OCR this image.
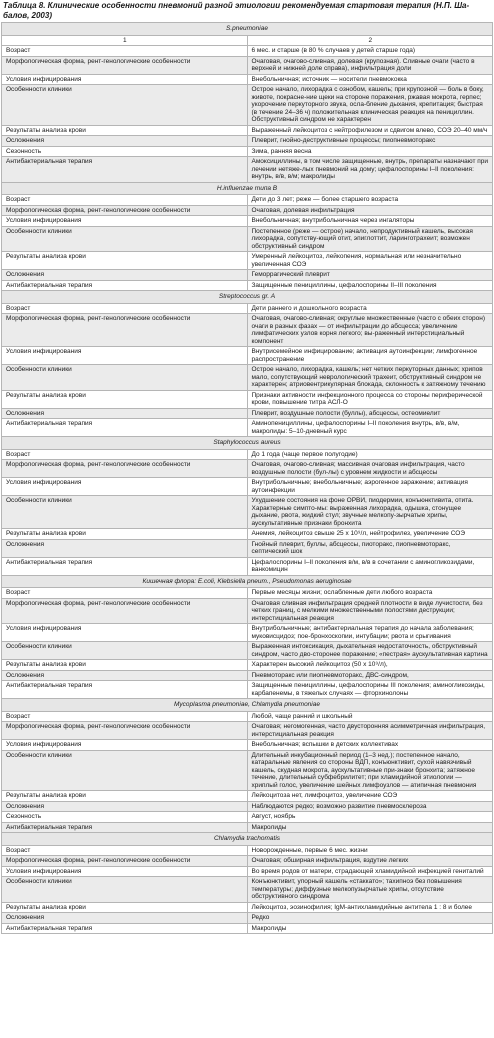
Таблица 8. Клинические особенности пневмоний разной этиологии рекомендуемая стартовая терапия (Н.П. Ша-балов, 2003)
S.pneumoniae	
1	2
Возраст	6 мес. и старше (в 80 % случаев у детей старше года)
Морфологическая форма, рент-генологические особенности	Очаговая, очагово-сливная, долевая (крупозная). Сливные очаги (часто в верхней и нижней доле справа), инфильтрация доли
Условия инфицирования	Внебольничная; источник — носители пневмококка
Особенности клиники	Острое начало, лихорадка с ознобом, кашель; при крупозной — боль в боку, животе, покрасне-ние щеки на стороне поражения, ржавая мокрота, герпес; укорочение перкуторного звука, осла-бление дыхания, крепитация; быстрая (в течение 24–36 ч) положительная клиническая реакция на пенициллин. Обструктивный синдром не характерен
Результаты анализа крови	Выраженный лейкоцитоз с нейтрофилезом и сдвигом влево, СОЭ 20–40 мм/ч
Осложнения	Плеврит, гнойно-деструктивные процессы; пиопневмоторакс
Сезонность	Зима, ранняя весна
Антибактериальная терапия	Амоксициллины, в том числе защищенные, внутрь, препараты назначают при лечении нетяже-лых пневмоний на дому; цефалоспорины I–II поколения: внутрь, в/в, в/м; макролиды
H.influenzae типа B	
Возраст	Дети до 3 лет; реже — более старшего возраста
Морфологическая форма, рент-генологические особенности	Очаговая, долевая инфильтрация
Условия инфицирования	Внебольничная; внутрибольничная через ингаляторы
Особенности клиники	Постепенное (реже — острое) начало, непродуктивный кашель, высокая лихорадка, сопутству-ющий отит, эпиглоттит, ларинготрахеит; возможен обструктивный синдром
Результаты анализа крови	Умеренный лейкоцитоз, лейкопения, нормальная или незначительно увеличенная СОЭ
Осложнения	Геморрагический плеврит
Антибактериальная терапия	Защищенные пенициллины, цефалоспорины II–III поколения
Streptococcus gr. A	
Возраст	Дети раннего и дошкольного возраста
Морфологическая форма, рент-генологические особенности	Очаговая, очагово-сливная; округлые множественные (часто с обеих сторон) очаги в разных фазах — от инфильтрации до абсцесса; увеличение лимфатических узлов корня легкого; вы-раженный интерстициальный компонент
Условия инфицирования	Внутрисемейное инфицирование; активация аутоинфекции; лимфогенное распространение
Особенности клиники	Острое начало, лихорадка, кашель; нет четких перкуторных данных; хрипов мало, сопутствующий неврологический трахеит, обструктивный синдром не характерен; атриовентрикулярная блокада, склонность к затяжному течению
Результаты анализа крови	Признаки активности инфекционного процесса со стороны периферической крови, повышение титра АСЛ-О
Осложнения	Плеврит, воздушные полости (буллы), абсцессы, остеомиелит
Антибактериальная терапия	Аминопенициллины, цефалоспорины I–II поколения внутрь, в/в, в/м, макролиды: 5–10-дневный курс
Staphylococcus aureus	
Возраст	До 1 года (чаще первое полугодие)
Морфологическая форма, рент-генологические особенности	Очаговая, очагово-сливная; массивная очаговая инфильтрация, часто воздушные полости (бул-лы) с уровнем жидкости и абсцессы
Условия инфицирования	Внутрибольничные; внебольничные; аэрогенное заражение; активация аутоинфекции
Особенности клиники	Ухудшение состояния на фоне ОРВИ, пиодермии, конъюнктивита, отита. Характерные симпто-мы: выраженная лихорадка, одышка, стонущее дыхание, рвота, жидкий стул; звучные мелкопу-зырчатые хрипы, аускультативные признаки бронхита
Результаты анализа крови	Анемия, лейкоцитоз свыше 25 х 10⁹/л, нейтрофилез, увеличение СОЭ
Осложнения	Гнойный плеврит, буллы, абсцессы, пиоторакс, пиопневмоторакс, септический шок
Антибактериальная терапия	Цефалоспорины I–II поколения в/м, в/в в сочетании с аминогликозидами, ванкомицин
Кишечная флора: E.coli, Klebsiella pneum., Pseudomonas aeruginosae	
Возраст	Первые месяцы жизни; ослабленные дети любого возраста
Морфологическая форма, рент-генологические особенности	Очаговая сливная инфильтрация средней плотности в виде лучистости, без четких границ, с мелкими множественными полостями деструкции; интерстициальная реакция
Условия инфицирования	Внутрибольничные; антибактериальная терапия до начала заболевания; муковисцидоз; пое-бронхоскопии, интубации; рвота и срыгивания
Особенности клиники	Выраженная интоксикация, дыхательная недостаточность, обструктивный синдром, часто дво-сторонее поражение; «пестрая» аускультативная картина
Результаты анализа крови	Характерен высокий лейкоцитоз (50 х 10⁹/л),
Осложнения	Пневмоторакс или пиопневмоторакс, ДВС-синдром,
Антибактериальная терапия	Защищенные пенициллины, цефалоспорины III поколения; аминогликозиды, карбапенемы, в тяжелых случаях — фторхинолоны
Mycoplasma pneumoniae, Chlamydia pneumoniae	
Возраст	Любой, чаще ранний и школьный
Морфологическая форма, рент-генологические особенности	Очаговая; негомогенная, часто двусторонняя асимметричная инфильтрация, интерстициальная реакция
Условия инфицирования	Внебольничная; вспышки в детских коллективах
Особенности клиники	Длительный инкубационный период (1–3 нед.); постепенное начало, катаральные явления со стороны ВДП, конъюнктивит, сухой навязчивый кашель, скудная мокрота, аускультативные при-знаки бронхита; затяжное течение, длительный субфебрилитет; при хламидийной этиологии — хриплый голос, увеличение шейных лимфоузлов — атипичная пневмония
Результаты анализа крови	Лейкоцитоза нет, лимфоцитоз, увеличение СОЭ
Осложнения	Наблюдаются редко; возможно развитие пневмосклероза
Сезонность	Август, ноябрь
Антибактериальная терапия	Макролиды
Chlamydia trachomatis	
Возраст	Новорожденные, первые 6 мес. жизни
Морфологическая форма, рент-генологические особенности	Очаговая; обширная инфильтрация, вздутие легких
Условия инфицирования	Во время родов от матери, страдающей хламидийной инфекцией гениталий
Особенности клиники	Конъюнктивит, упорный кашель «стаккато»; тахипноэ без повышения температуры; диффузные мелкопузырчатые хрипы, отсутствие обструктивного синдрома
Результаты анализа крови	Лейкоцитоз, эозинофилия; IgM-антихламидийные антитела 1 : 8 и более
Осложнения	Редко
Антибактериальная терапия	Макролиды
